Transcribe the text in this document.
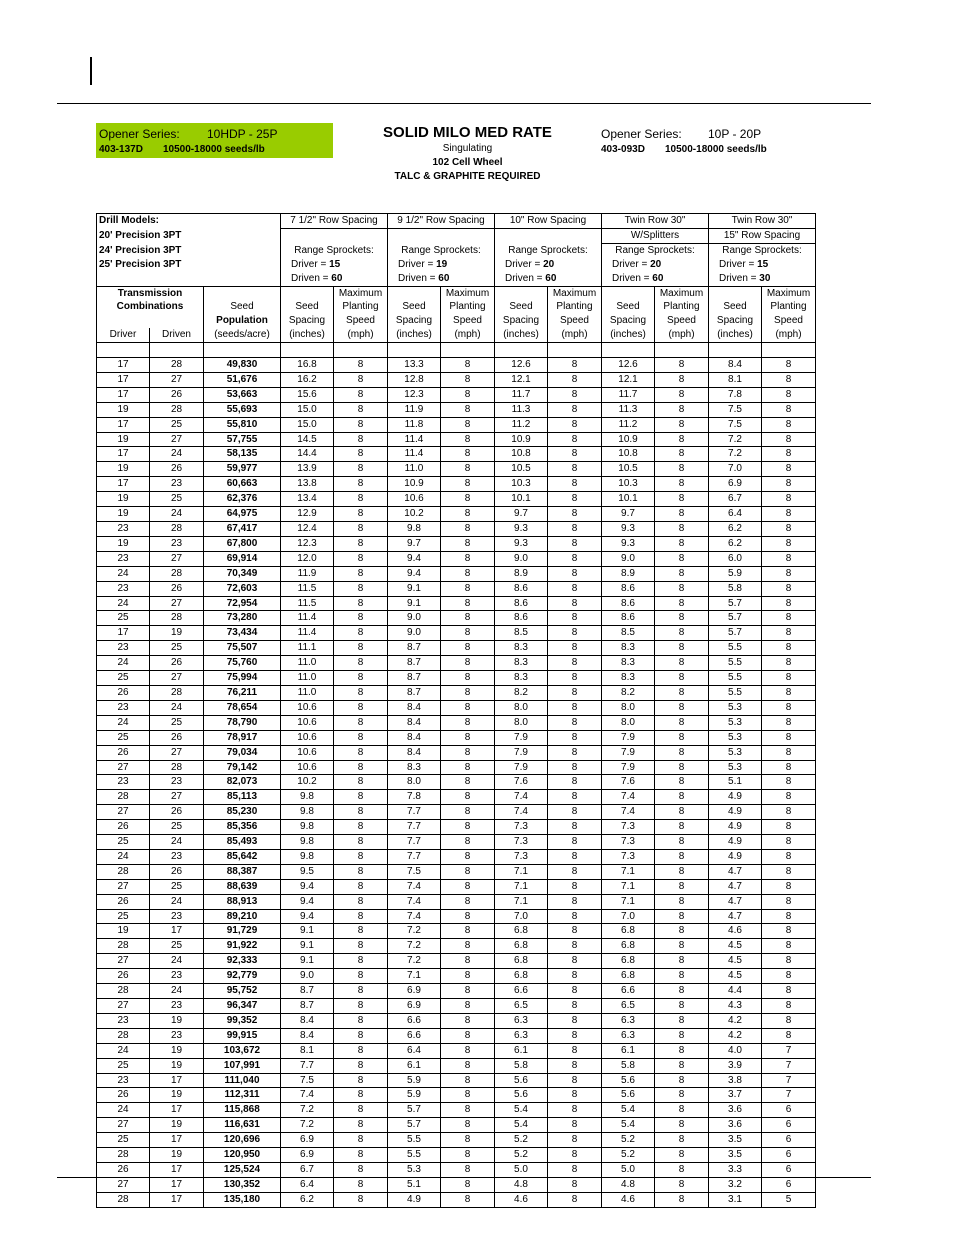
Opener Series: 10HDP - 25P
403-137D 10500-18000 seeds/lb
SOLID MILO MED RATE
Singulating
102 Cell Wheel
TALC & GRAPHITE REQUIRED
Opener Series: 10P - 20P
403-093D 10500-18000 seeds/lb
Drill Models:			7 1/2" Row Spacing		9 1/2" Row Spacing		10" Row Spacing		Twin Row 30"		Twin Row 30"	
20' Precision 3PT									W/Splitters		15" Row Spacing	
24' Precision 3PT			Range Sprockets:		Range Sprockets:		Range Sprockets:		Range Sprockets:		Range Sprockets:	
25' Precision 3PT			Driver = 15		Driver = 19		Driver = 20		Driver = 20		Driver = 15	
			Driven = 60		Driven = 60		Driven = 60		Driven = 60		Driven = 30	
Transmission				Maximum		Maximum		Maximum		Maximum		Maximum
Combinations		Seed	Seed	Planting	Seed	Planting	Seed	Planting	Seed	Planting	Seed	Planting
		Population	Spacing	Speed	Spacing	Speed	Spacing	Speed	Spacing	Speed	Spacing	Speed
Driver	Driven	(seeds/acre)	(inches)	(mph)	(inches)	(mph)	(inches)	(mph)	(inches)	(mph)	(inches)	(mph)

17	28	49,830	16.8	8	13.3	8	12.6	8	12.6	8	8.4	8
17	27	51,676	16.2	8	12.8	8	12.1	8	12.1	8	8.1	8
17	26	53,663	15.6	8	12.3	8	11.7	8	11.7	8	7.8	8
19	28	55,693	15.0	8	11.9	8	11.3	8	11.3	8	7.5	8
17	25	55,810	15.0	8	11.8	8	11.2	8	11.2	8	7.5	8
19	27	57,755	14.5	8	11.4	8	10.9	8	10.9	8	7.2	8
17	24	58,135	14.4	8	11.4	8	10.8	8	10.8	8	7.2	8
19	26	59,977	13.9	8	11.0	8	10.5	8	10.5	8	7.0	8
17	23	60,663	13.8	8	10.9	8	10.3	8	10.3	8	6.9	8
19	25	62,376	13.4	8	10.6	8	10.1	8	10.1	8	6.7	8
19	24	64,975	12.9	8	10.2	8	9.7	8	9.7	8	6.4	8
23	28	67,417	12.4	8	9.8	8	9.3	8	9.3	8	6.2	8
19	23	67,800	12.3	8	9.7	8	9.3	8	9.3	8	6.2	8
23	27	69,914	12.0	8	9.4	8	9.0	8	9.0	8	6.0	8
24	28	70,349	11.9	8	9.4	8	8.9	8	8.9	8	5.9	8
23	26	72,603	11.5	8	9.1	8	8.6	8	8.6	8	5.8	8
24	27	72,954	11.5	8	9.1	8	8.6	8	8.6	8	5.7	8
25	28	73,280	11.4	8	9.0	8	8.6	8	8.6	8	5.7	8
17	19	73,434	11.4	8	9.0	8	8.5	8	8.5	8	5.7	8
23	25	75,507	11.1	8	8.7	8	8.3	8	8.3	8	5.5	8
24	26	75,760	11.0	8	8.7	8	8.3	8	8.3	8	5.5	8
25	27	75,994	11.0	8	8.7	8	8.3	8	8.3	8	5.5	8
26	28	76,211	11.0	8	8.7	8	8.2	8	8.2	8	5.5	8
23	24	78,654	10.6	8	8.4	8	8.0	8	8.0	8	5.3	8
24	25	78,790	10.6	8	8.4	8	8.0	8	8.0	8	5.3	8
25	26	78,917	10.6	8	8.4	8	7.9	8	7.9	8	5.3	8
26	27	79,034	10.6	8	8.4	8	7.9	8	7.9	8	5.3	8
27	28	79,142	10.6	8	8.3	8	7.9	8	7.9	8	5.3	8
23	23	82,073	10.2	8	8.0	8	7.6	8	7.6	8	5.1	8
28	27	85,113	9.8	8	7.8	8	7.4	8	7.4	8	4.9	8
27	26	85,230	9.8	8	7.7	8	7.4	8	7.4	8	4.9	8
26	25	85,356	9.8	8	7.7	8	7.3	8	7.3	8	4.9	8
25	24	85,493	9.8	8	7.7	8	7.3	8	7.3	8	4.9	8
24	23	85,642	9.8	8	7.7	8	7.3	8	7.3	8	4.9	8
28	26	88,387	9.5	8	7.5	8	7.1	8	7.1	8	4.7	8
27	25	88,639	9.4	8	7.4	8	7.1	8	7.1	8	4.7	8
26	24	88,913	9.4	8	7.4	8	7.1	8	7.1	8	4.7	8
25	23	89,210	9.4	8	7.4	8	7.0	8	7.0	8	4.7	8
19	17	91,729	9.1	8	7.2	8	6.8	8	6.8	8	4.6	8
28	25	91,922	9.1	8	7.2	8	6.8	8	6.8	8	4.5	8
27	24	92,333	9.1	8	7.2	8	6.8	8	6.8	8	4.5	8
26	23	92,779	9.0	8	7.1	8	6.8	8	6.8	8	4.5	8
28	24	95,752	8.7	8	6.9	8	6.6	8	6.6	8	4.4	8
27	23	96,347	8.7	8	6.9	8	6.5	8	6.5	8	4.3	8
23	19	99,352	8.4	8	6.6	8	6.3	8	6.3	8	4.2	8
28	23	99,915	8.4	8	6.6	8	6.3	8	6.3	8	4.2	8
24	19	103,672	8.1	8	6.4	8	6.1	8	6.1	8	4.0	7
25	19	107,991	7.7	8	6.1	8	5.8	8	5.8	8	3.9	7
23	17	111,040	7.5	8	5.9	8	5.6	8	5.6	8	3.8	7
26	19	112,311	7.4	8	5.9	8	5.6	8	5.6	8	3.7	7
24	17	115,868	7.2	8	5.7	8	5.4	8	5.4	8	3.6	6
27	19	116,631	7.2	8	5.7	8	5.4	8	5.4	8	3.6	6
25	17	120,696	6.9	8	5.5	8	5.2	8	5.2	8	3.5	6
28	19	120,950	6.9	8	5.5	8	5.2	8	5.2	8	3.5	6
26	17	125,524	6.7	8	5.3	8	5.0	8	5.0	8	3.3	6
27	17	130,352	6.4	8	5.1	8	4.8	8	4.8	8	3.2	6
28	17	135,180	6.2	8	4.9	8	4.6	8	4.6	8	3.1	5
